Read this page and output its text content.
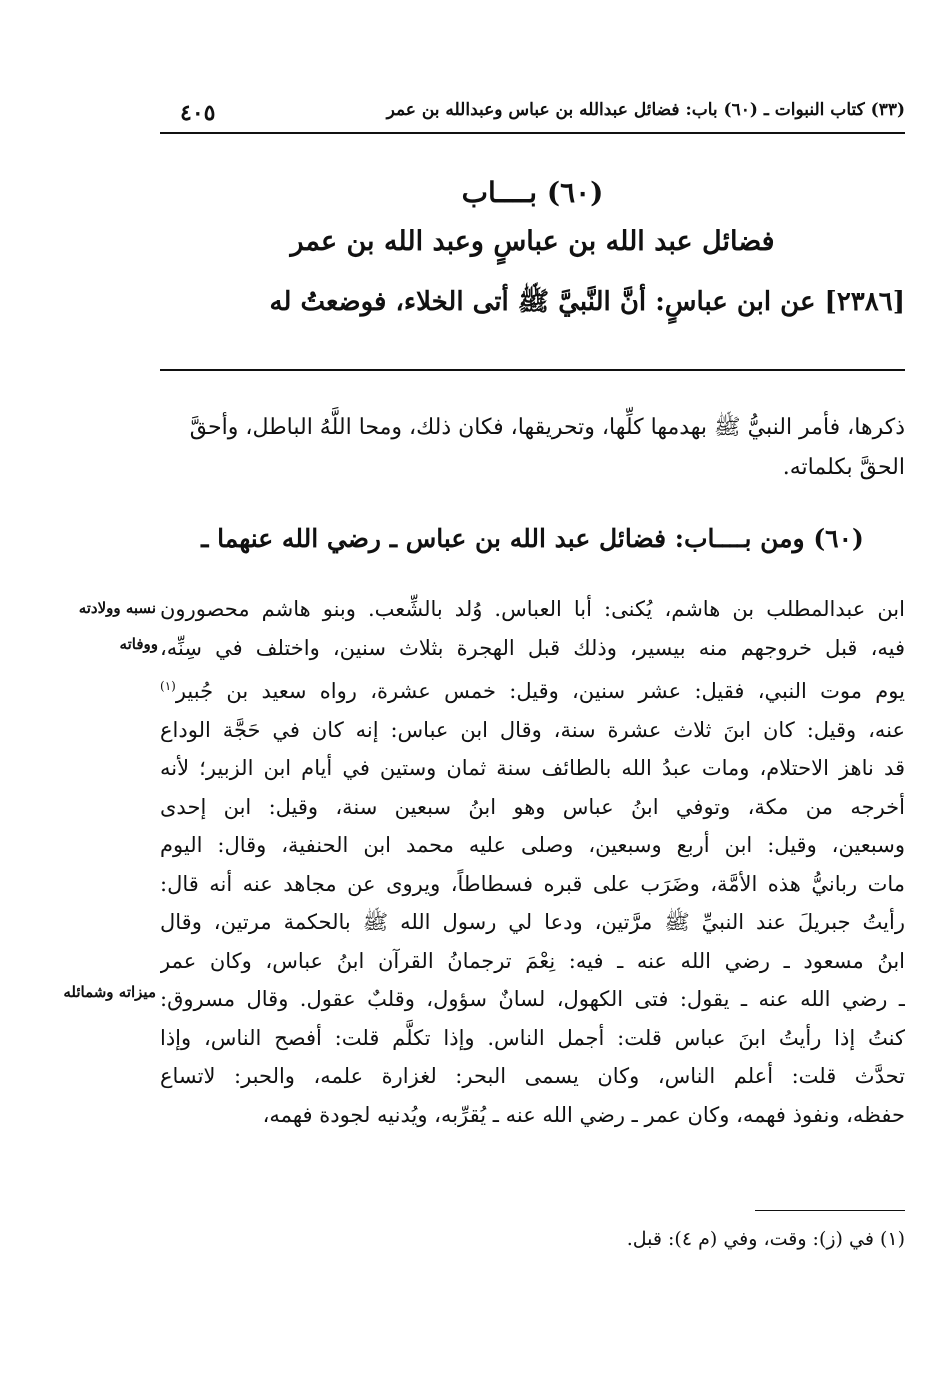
٤٠٥	(٣٣) كتاب النبوات ـ (٦٠) باب: فضائل عبدالله بن عباس وعبدالله بن عمر
(٦٠) بــــاب
فضائل عبد الله بن عباسٍ وعبد الله بن عمر
[٢٣٨٦] عن ابن عباسٍ: أنَّ النَّبيَّ ﷺ أتى الخلاء، فوضعتُ له
ذكرها، فأمر النبيُّ ﷺ بهدمها كلِّها، وتحريقها، فكان ذلك، ومحا اللَّهُ الباطل، وأحقَّ الحقَّ بكلماته.
(٦٠) ومن بــــاب: فضائل عبد الله بن عباس ـ رضي الله عنهما ـ
ابن عبدالمطلب بن هاشم، يُكنى: أبا العباس. وُلد بالشِّعب. وبنو هاشم محصورون
فيه، قبل خروجهم منه بيسير، وذلك قبل الهجرة بثلاث سنين، واختلف في سِنِّه،
يوم موت النبي، فقيل: عشر سنين، وقيل: خمس عشرة، رواه سعيد بن جُبير$^{(١)}$
عنه، وقيل: كان ابنَ ثلاث عشرة سنة، وقال ابن عباس: إنه كان في حَجَّة الوداع
قد ناهز الاحتلام، ومات عبدُ الله بالطائف سنة ثمان وستين في أيام ابن الزبير؛ لأنه
أخرجه من مكة، وتوفي ابنُ عباس وهو ابنُ سبعين سنة، وقيل: ابن إحدى
وسبعين، وقيل: ابن أربع وسبعين، وصلى عليه محمد ابن الحنفية، وقال: اليوم
مات ربانيُّ هذه الأمَّة، وضَرَب على قبره فسطاطاً، ويروى عن مجاهد عنه أنه قال:
رأيتُ جبريلَ عند النبيِّ ﷺ مرَّتين، ودعا لي رسول الله ﷺ بالحكمة مرتين، وقال
ابنُ مسعود ـ رضي الله عنه ـ فيه: نِعْمَ ترجمانُ القرآن ابنُ عباس، وكان عمر
ـ رضي الله عنه ـ يقول: فتى الكهول، لسانٌ سؤول، وقلبٌ عقول. وقال مسروق:
كنتُ إذا رأيتُ ابنَ عباس قلت: أجمل الناس. وإذا تكلَّم قلت: أفصح الناس، وإذا
تحدَّث قلت: أعلم الناس، وكان يسمى البحر: لغزارة علمه، والحبر: لاتساع
حفظه، ونفوذ فهمه، وكان عمر ـ رضي الله عنه ـ يُقرِّبه، ويُدنيه لجودة فهمه،
نسبه وولادته
ووفاته
ميزاته وشمائله
(١) في (ز): وقت، وفي (م ٤): قبل.
